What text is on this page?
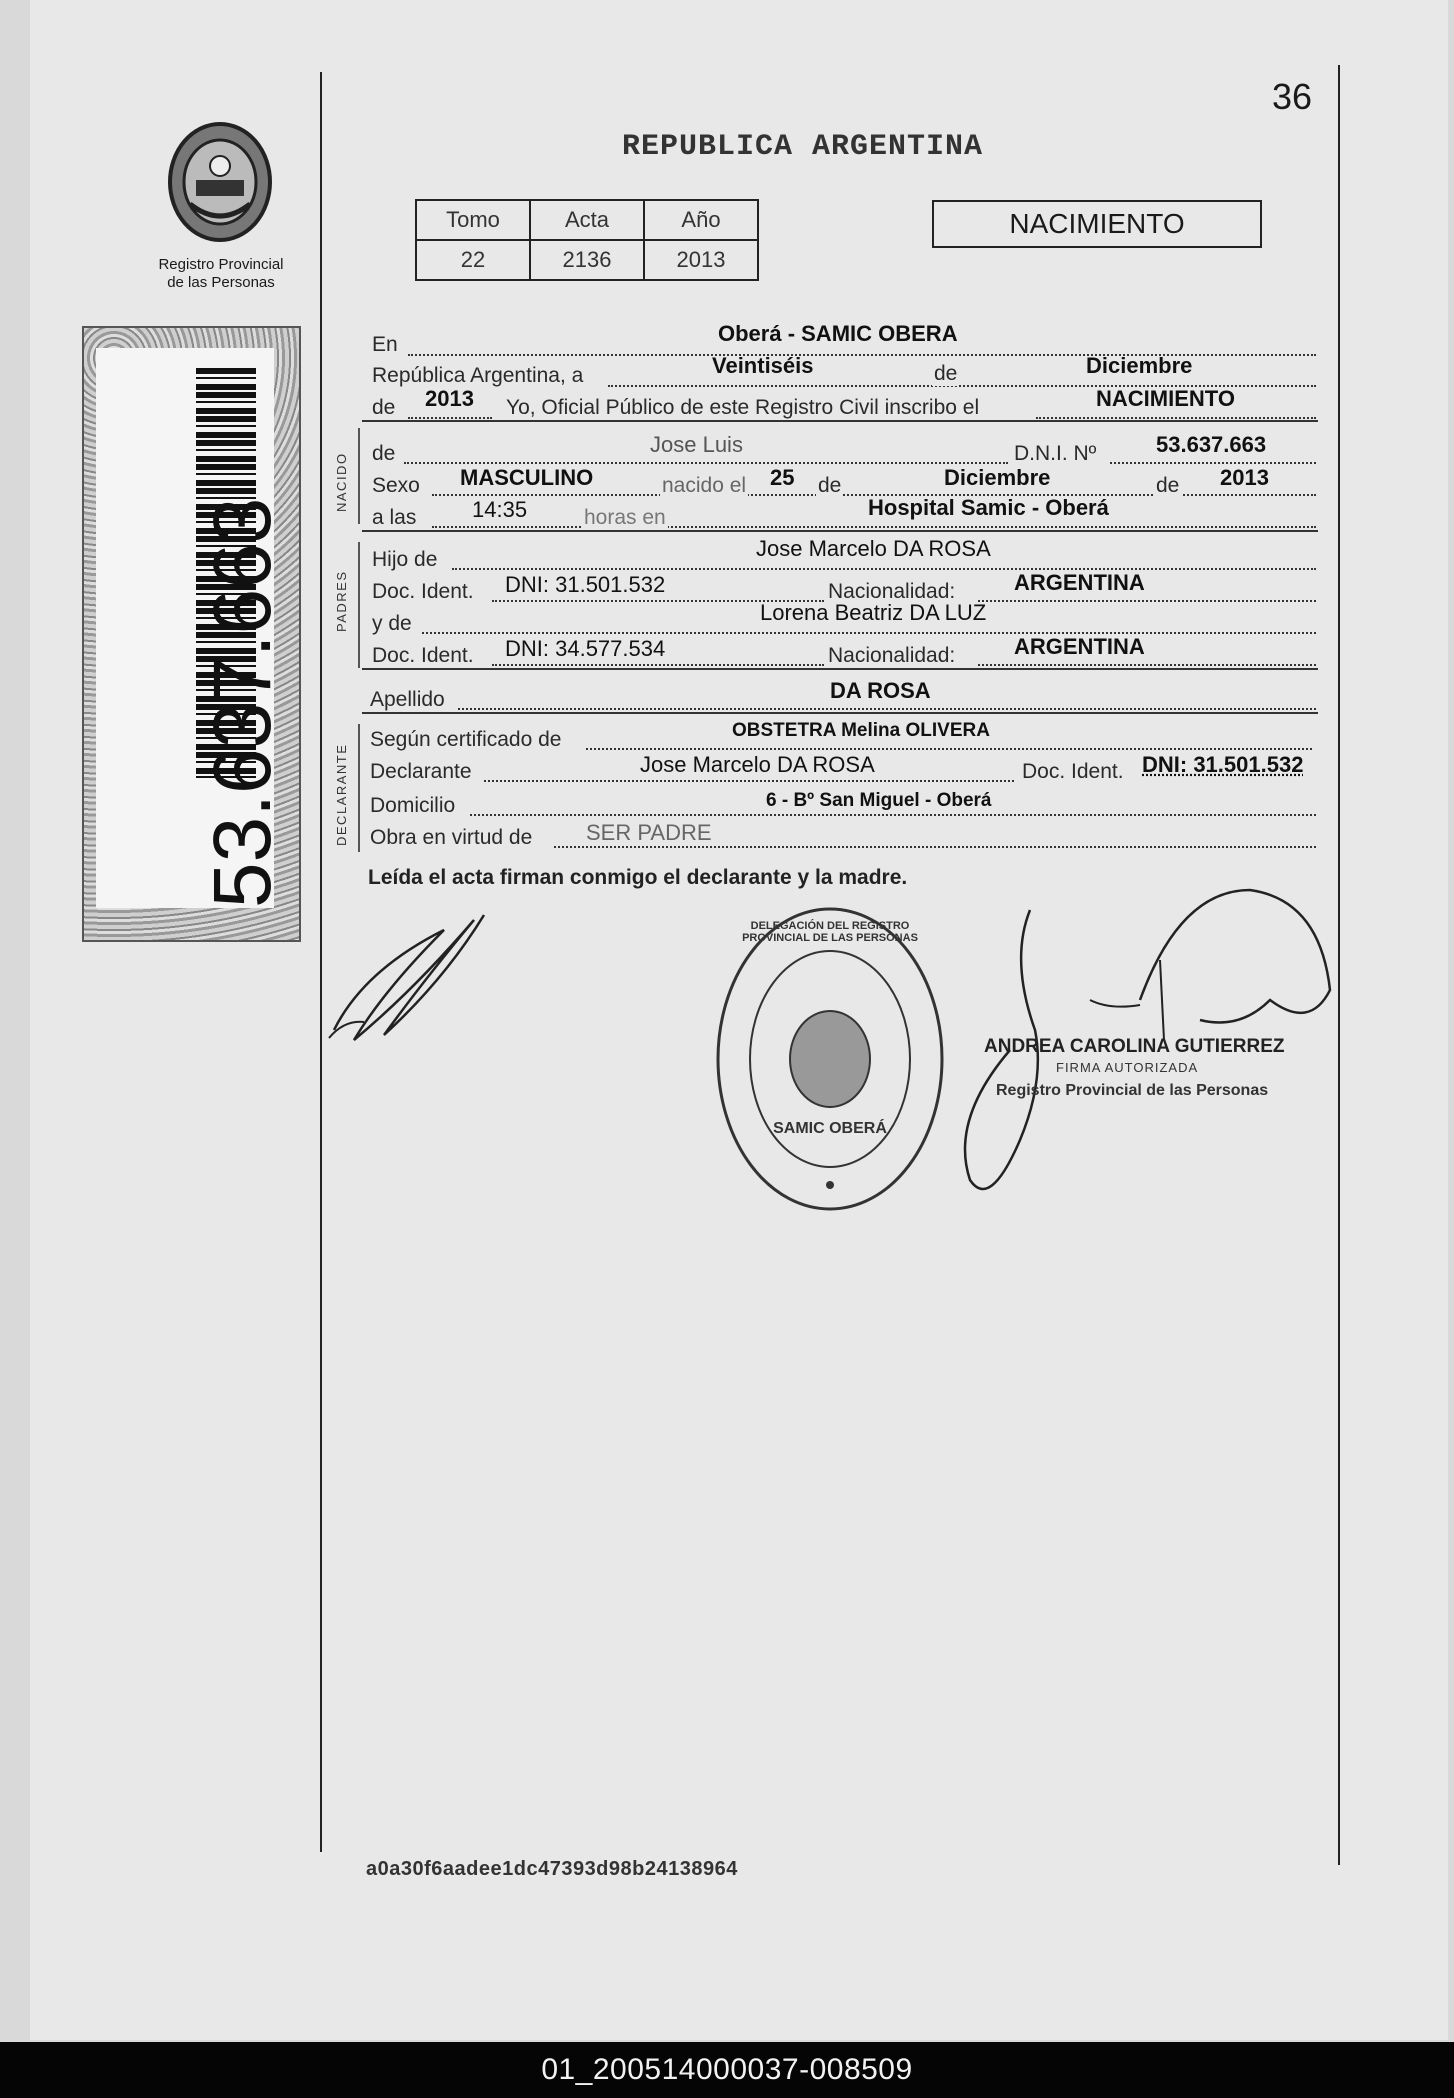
36
Registro Provincial
de las Personas
REPUBLICA ARGENTINA
Tomo	Acta	Año
22	2136	2013
NACIMIENTO
53.637.663
En	Oberá - SAMIC OBERA
República Argentina, a	Veintiséis	de	Diciembre
de 2013 Yo, Oficial Público de este Registro Civil inscribo el	NACIMIENTO
NACIDO de	Jose Luis	D.N.I. Nº	53.637.663
Sexo MASCULINO	nacido el 25 de	Diciembre	de 2013
a las	14:35	horas en	Hospital Samic - Oberá
PADRES
Hijo de	Jose Marcelo DA ROSA
Doc. Ident. DNI: 31.501.532	Nacionalidad:	ARGENTINA
y de	Lorena Beatriz DA LUZ
Doc. Ident. DNI: 34.577.534	Nacionalidad:	ARGENTINA
Apellido	DA ROSA
DECLARANTE
Según certificado de	OBSTETRA Melina OLIVERA
Declarante	Jose Marcelo DA ROSA	Doc. Ident. DNI: 31.501.532
Domicilio	6 - Bº San Miguel - Oberá
Obra en virtud de SER PADRE
Leída el acta firman conmigo el declarante y la madre.
DELEGACIÓN DEL REGISTRO PROVINCIAL DE LAS PERSONAS
SAMIC OBERÁ
ANDREA CAROLINA GUTIERREZ
FIRMA AUTORIZADA
Registro Provincial de las Personas
a0a30f6aadee1dc47393d98b24138964
01_200514000037-008509
